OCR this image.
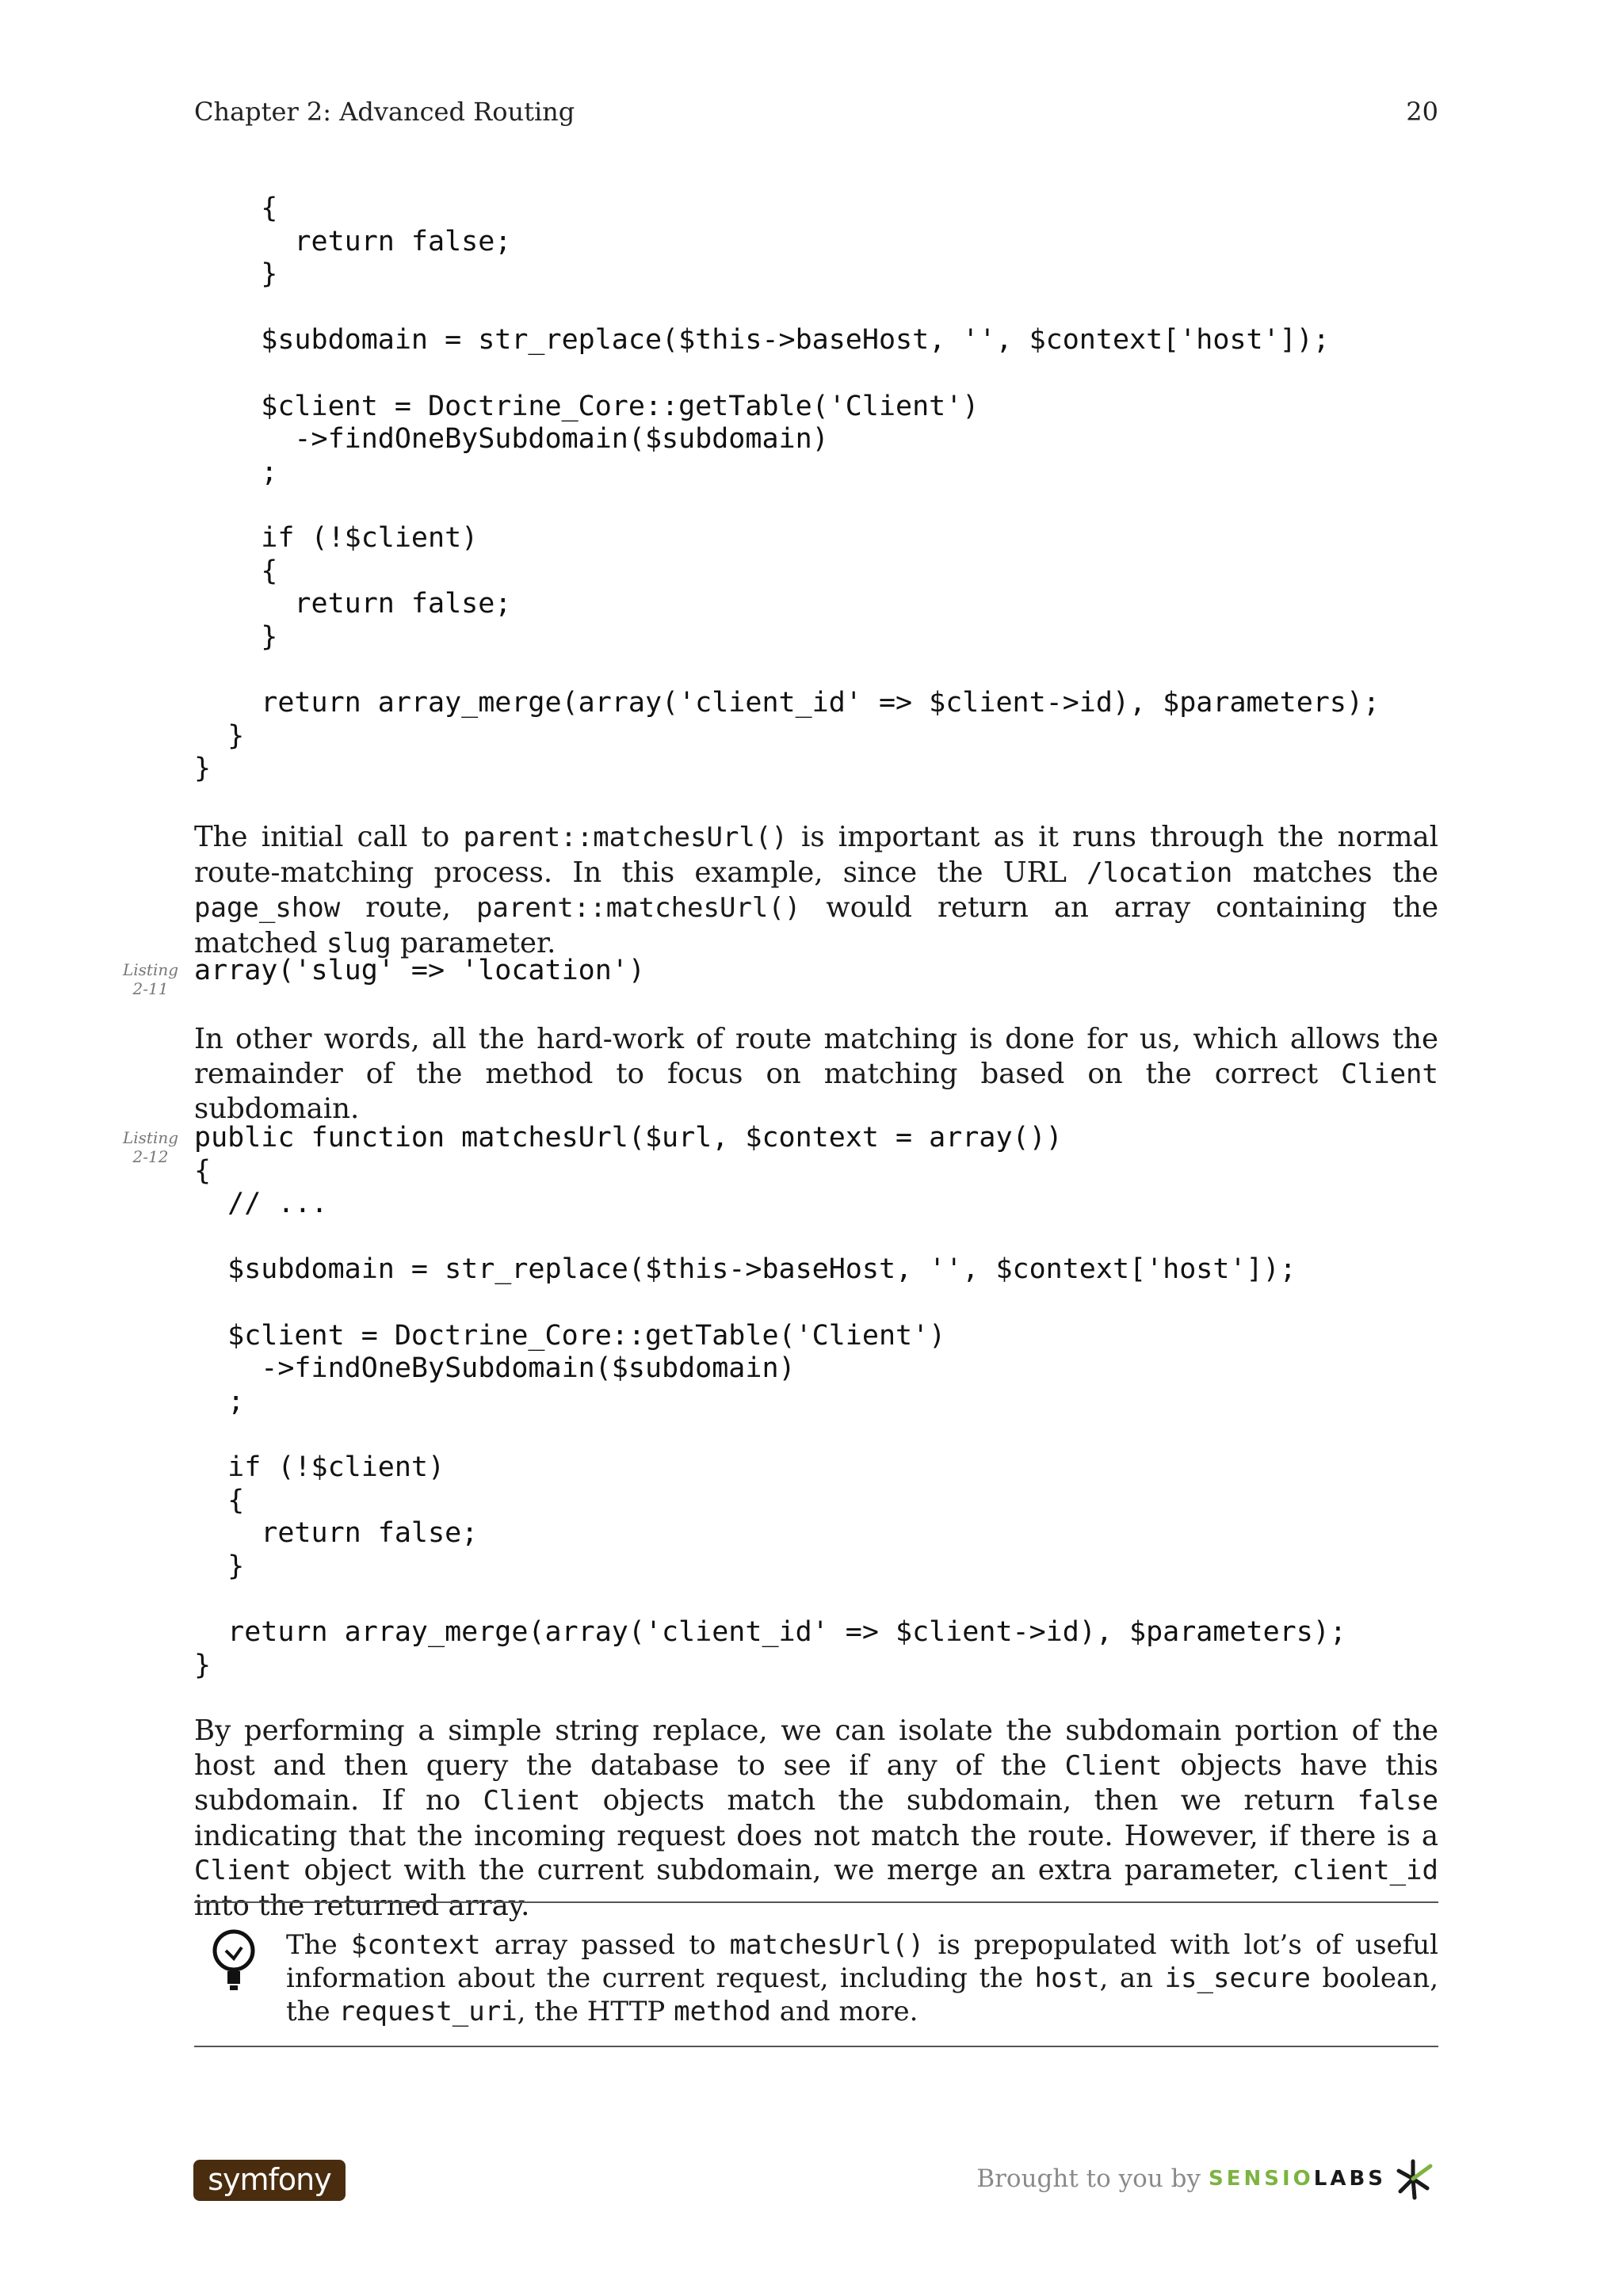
Chapter 2: Advanced Routing	20
{
return false;
}

$subdomain = str_replace($this->baseHost, '', $context['host']);

$client = Doctrine_Core::getTable('Client')
->findOneBySubdomain($subdomain)
;

if (!$client)
{
return false;
}

return array_merge(array('client_id' => $client->id), $parameters);
}
}

The initial call to parent::matchesUrl() is important as it runs through the normal route-matching process. In this example, since the URL /location matches the page_show route, parent::matchesUrl() would return an array containing the matched slug parameter.

Listing
2-11
array('slug' => 'location')

In other words, all the hard-work of route matching is done for us, which allows the remainder of the method to focus on matching based on the correct Client subdomain.

Listing
2-12
public function matchesUrl($url, $context = array())
{
// ...

$subdomain = str_replace($this->baseHost, '', $context['host']);

$client = Doctrine_Core::getTable('Client')
->findOneBySubdomain($subdomain)
;

if (!$client)
{
return false;
}

return array_merge(array('client_id' => $client->id), $parameters);
}

By performing a simple string replace, we can isolate the subdomain portion of the host and then query the database to see if any of the Client objects have this subdomain. If no Client objects match the subdomain, then we return false indicating that the incoming request does not match the route. However, if there is a Client object with the current subdomain, we merge an extra parameter, client_id into the returned array.

The $context array passed to matchesUrl() is prepopulated with lot’s of useful information about the current request, including the host, an is_secure boolean, the request_uri, the HTTP method and more.

symfony	Brought to you by SENSIOLABS
